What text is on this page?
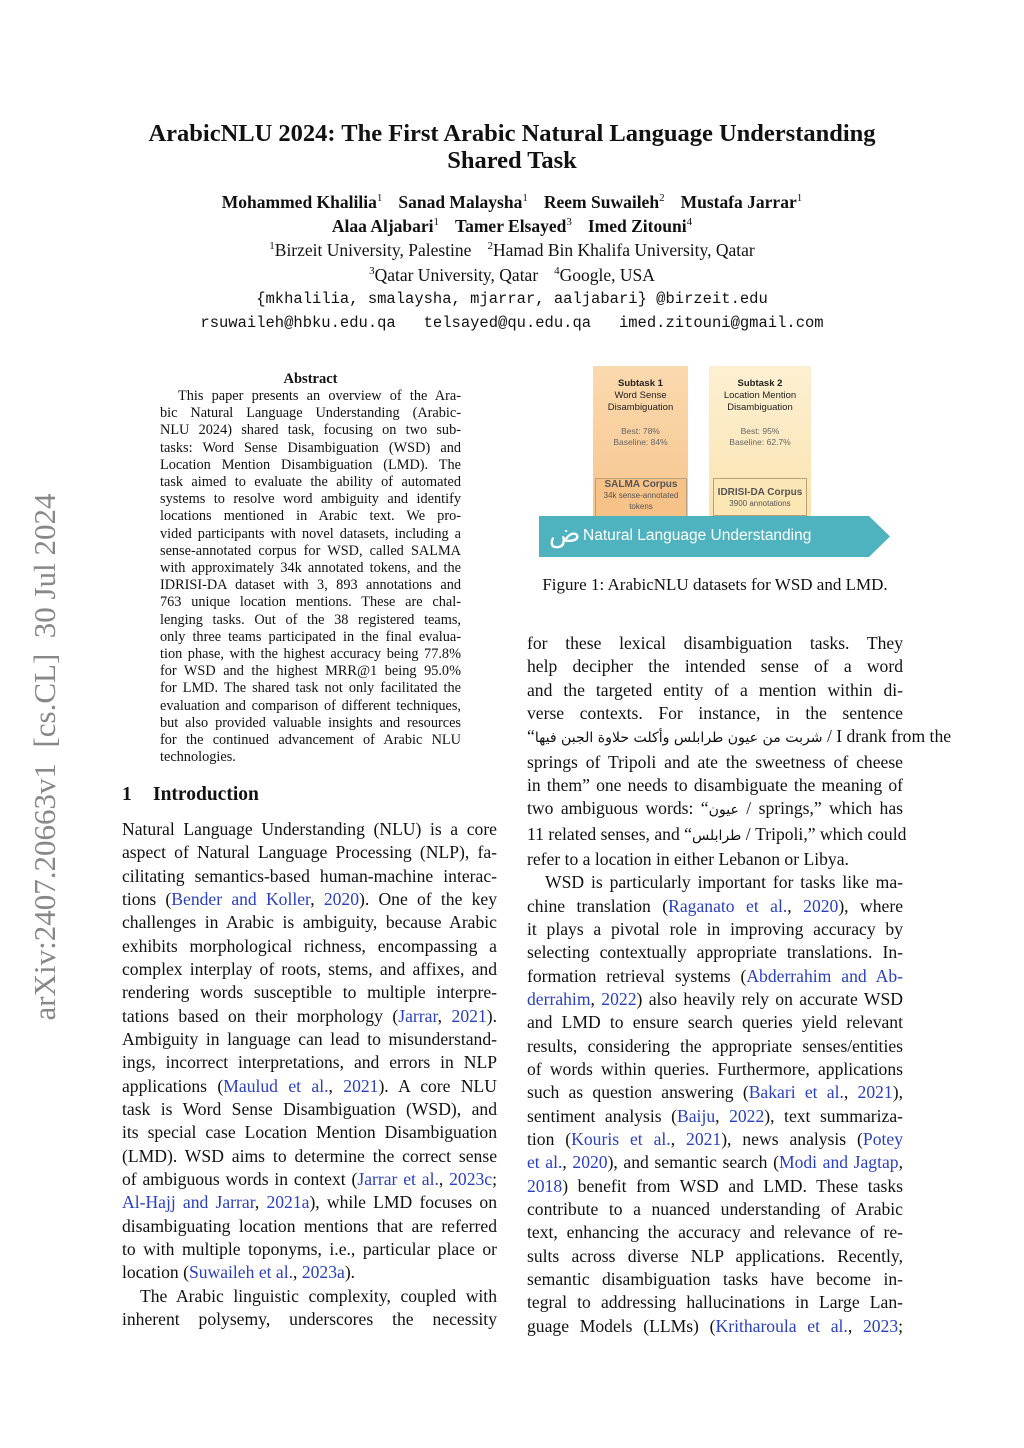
ArabicNLU 2024: The First Arabic Natural Language Understanding
Shared Task
Mohammed Khalilia$^1$ Sanad Malaysha$^1$ Reem Suwaileh$^2$ Mustafa Jarrar$^1$
Alaa Aljabari$^1$ Tamer Elsayed$^3$ Imed Zitouni$^4$
$^1$Birzeit University, Palestine $^2$Hamad Bin Khalifa University, Qatar
$^3$Qatar University, Qatar $^4$Google, USA
{mkhalilia, smalaysha, mjarrar, aaljabari} @birzeit.edu
rsuwaileh@hbku.edu.qa   telsayed@qu.edu.qa   imed.zitouni@gmail.com
arXiv:2407.20663v1  [cs.CL]  30 Jul 2024
Abstract
This paper presents an overview of the Ara-
bic Natural Language Understanding (Arabic-
NLU 2024) shared task, focusing on two sub-
tasks: Word Sense Disambiguation (WSD) and
Location Mention Disambiguation (LMD). The
task aimed to evaluate the ability of automated
systems to resolve word ambiguity and identify
locations mentioned in Arabic text. We pro-
vided participants with novel datasets, including a
sense-annotated corpus for WSD, called SALMA
with approximately 34k annotated tokens, and the
IDRISI-DA dataset with 3, 893 annotations and
763 unique location mentions. These are chal-
lenging tasks. Out of the 38 registered teams,
only three teams participated in the final evalua-
tion phase, with the highest accuracy being 77.8%
for WSD and the highest MRR@1 being 95.0%
for LMD. The shared task not only facilitated the
evaluation and comparison of different techniques,
but also provided valuable insights and resources
for the continued advancement of Arabic NLU
technologies.
1 Introduction
Natural Language Understanding (NLU) is a core
aspect of Natural Language Processing (NLP), fa-
cilitating semantics-based human-machine interac-
tions (Bender and Koller, 2020). One of the key
challenges in Arabic is ambiguity, because Arabic
exhibits morphological richness, encompassing a
complex interplay of roots, stems, and affixes, and
rendering words susceptible to multiple interpre-
tations based on their morphology (Jarrar, 2021).
Ambiguity in language can lead to misunderstand-
ings, incorrect interpretations, and errors in NLP
applications (Maulud et al., 2021). A core NLU
task is Word Sense Disambiguation (WSD), and
its special case Location Mention Disambiguation
(LMD). WSD aims to determine the correct sense
of ambiguous words in context (Jarrar et al., 2023c;
Al-Hajj and Jarrar, 2021a), while LMD focuses on
disambiguating location mentions that are referred
to with multiple toponyms, i.e., particular place or
location (Suwaileh et al., 2023a).
The Arabic linguistic complexity, coupled with
inherent polysemy, underscores the necessity
for these lexical disambiguation tasks. They
help decipher the intended sense of a word
and the targeted entity of a mention within di-
verse contexts. For instance, in the sentence
“شربت من عيون طرابلس وأكلت حلاوة الجبن فيها / I drank from the
springs of Tripoli and ate the sweetness of cheese
in them” one needs to disambiguate the meaning of
two ambiguous words: “عيون / springs,” which has
11 related senses, and “طرابلس / Tripoli,” which could
refer to a location in either Lebanon or Libya.
WSD is particularly important for tasks like ma-
chine translation (Raganato et al., 2020), where
it plays a pivotal role in improving accuracy by
selecting contextually appropriate translations. In-
formation retrieval systems (Abderrahim and Ab-
derrahim, 2022) also heavily rely on accurate WSD
and LMD to ensure search queries yield relevant
results, considering the appropriate senses/entities
of words within queries. Furthermore, applications
such as question answering (Bakari et al., 2021),
sentiment analysis (Baiju, 2022), text summariza-
tion (Kouris et al., 2021), news analysis (Potey
et al., 2020), and semantic search (Modi and Jagtap,
2018) benefit from WSD and LMD. These tasks
contribute to a nuanced understanding of Arabic
text, enhancing the accuracy and relevance of re-
sults across diverse NLP applications. Recently,
semantic disambiguation tasks have become in-
tegral to addressing hallucinations in Large Lan-
guage Models (LLMs) (Kritharoula et al., 2023;
Subtask 1
Word Sense
Disambiguation
Best: 78%
Baseline: 84%
Subtask 2
Location Mention
Disambiguation
Best: 95%
Baseline: 62.7%
SALMA Corpus
34k sense-annotated
tokens
IDRISI-DA Corpus
3900 annotations
ض Natural Language Understanding
Figure 1: ArabicNLU datasets for WSD and LMD.
